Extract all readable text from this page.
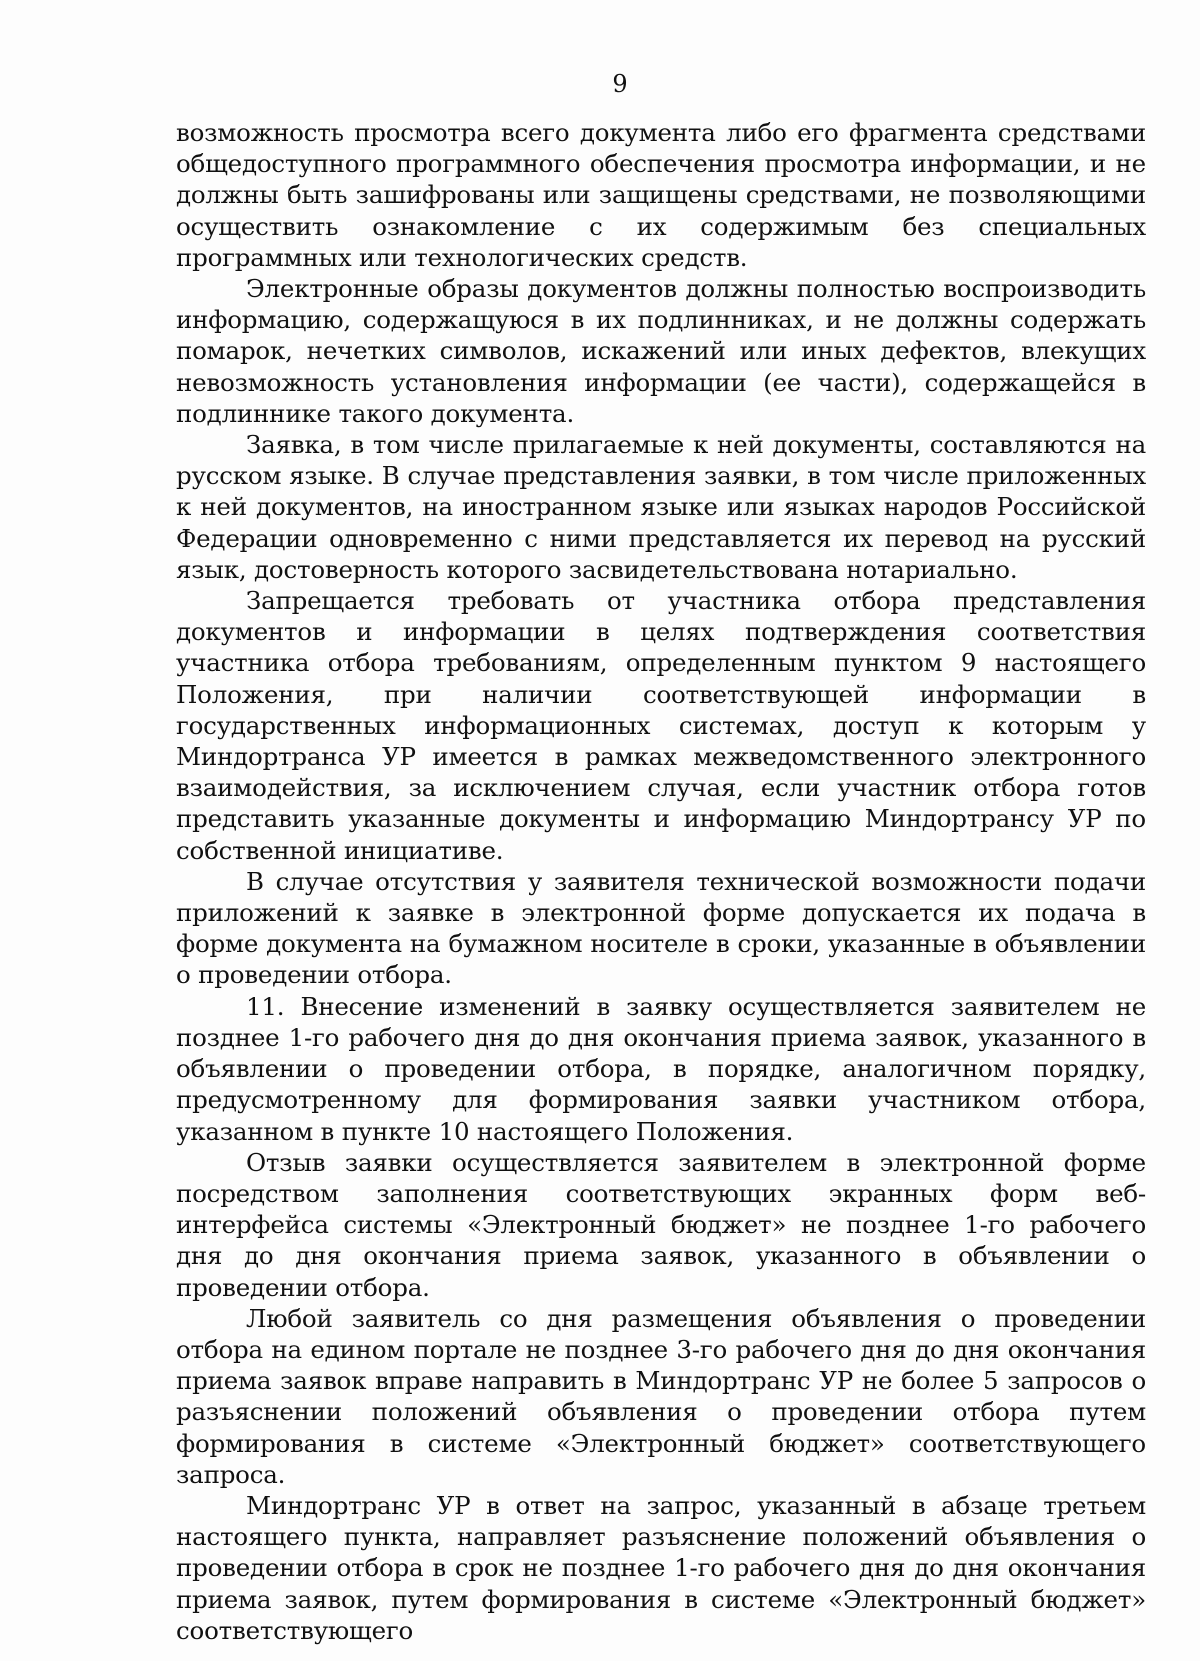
9

возможность просмотра всего документа либо его фрагмента средствами общедоступного программного обеспечения просмотра информации, и не должны быть зашифрованы или защищены средствами, не позволяющими осуществить ознакомление с их содержимым без специальных программных или технологических средств.

Электронные образы документов должны полностью воспроизводить информацию, содержащуюся в их подлинниках, и не должны содержать помарок, нечетких символов, искажений или иных дефектов, влекущих невозможность установления информации (ее части), содержащейся в подлиннике такого документа.

Заявка, в том числе прилагаемые к ней документы, составляются на русском языке. В случае представления заявки, в том числе приложенных к ней документов, на иностранном языке или языках народов Российской Федерации одновременно с ними представляется их перевод на русский язык, достоверность которого засвидетельствована нотариально.

Запрещается требовать от участника отбора представления документов и информации в целях подтверждения соответствия участника отбора требованиям, определенным пунктом 9 настоящего Положения, при наличии соответствующей информации в государственных информационных системах, доступ к которым у Миндортранса УР имеется в рамках межведомственного электронного взаимодействия, за исключением случая, если участник отбора готов представить указанные документы и информацию Миндортрансу УР по собственной инициативе.

В случае отсутствия у заявителя технической возможности подачи приложений к заявке в электронной форме допускается их подача в форме документа на бумажном носителе в сроки, указанные в объявлении о проведении отбора.

11. Внесение изменений в заявку осуществляется заявителем не позднее 1-го рабочего дня до дня окончания приема заявок, указанного в объявлении о проведении отбора, в порядке, аналогичном порядку, предусмотренному для формирования заявки участником отбора, указанном в пункте 10 настоящего Положения.

Отзыв заявки осуществляется заявителем в электронной форме посредством заполнения соответствующих экранных форм веб-интерфейса системы «Электронный бюджет» не позднее 1-го рабочего дня до дня окончания приема заявок, указанного в объявлении о проведении отбора.

Любой заявитель со дня размещения объявления о проведении отбора на едином портале не позднее 3-го рабочего дня до дня окончания приема заявок вправе направить в Миндортранс УР не более 5 запросов о разъяснении положений объявления о проведении отбора путем формирования в системе «Электронный бюджет» соответствующего запроса.

Миндортранс УР в ответ на запрос, указанный в абзаце третьем настоящего пункта, направляет разъяснение положений объявления о проведении отбора в срок не позднее 1-го рабочего дня до дня окончания приема заявок, путем формирования в системе «Электронный бюджет» соответствующего
